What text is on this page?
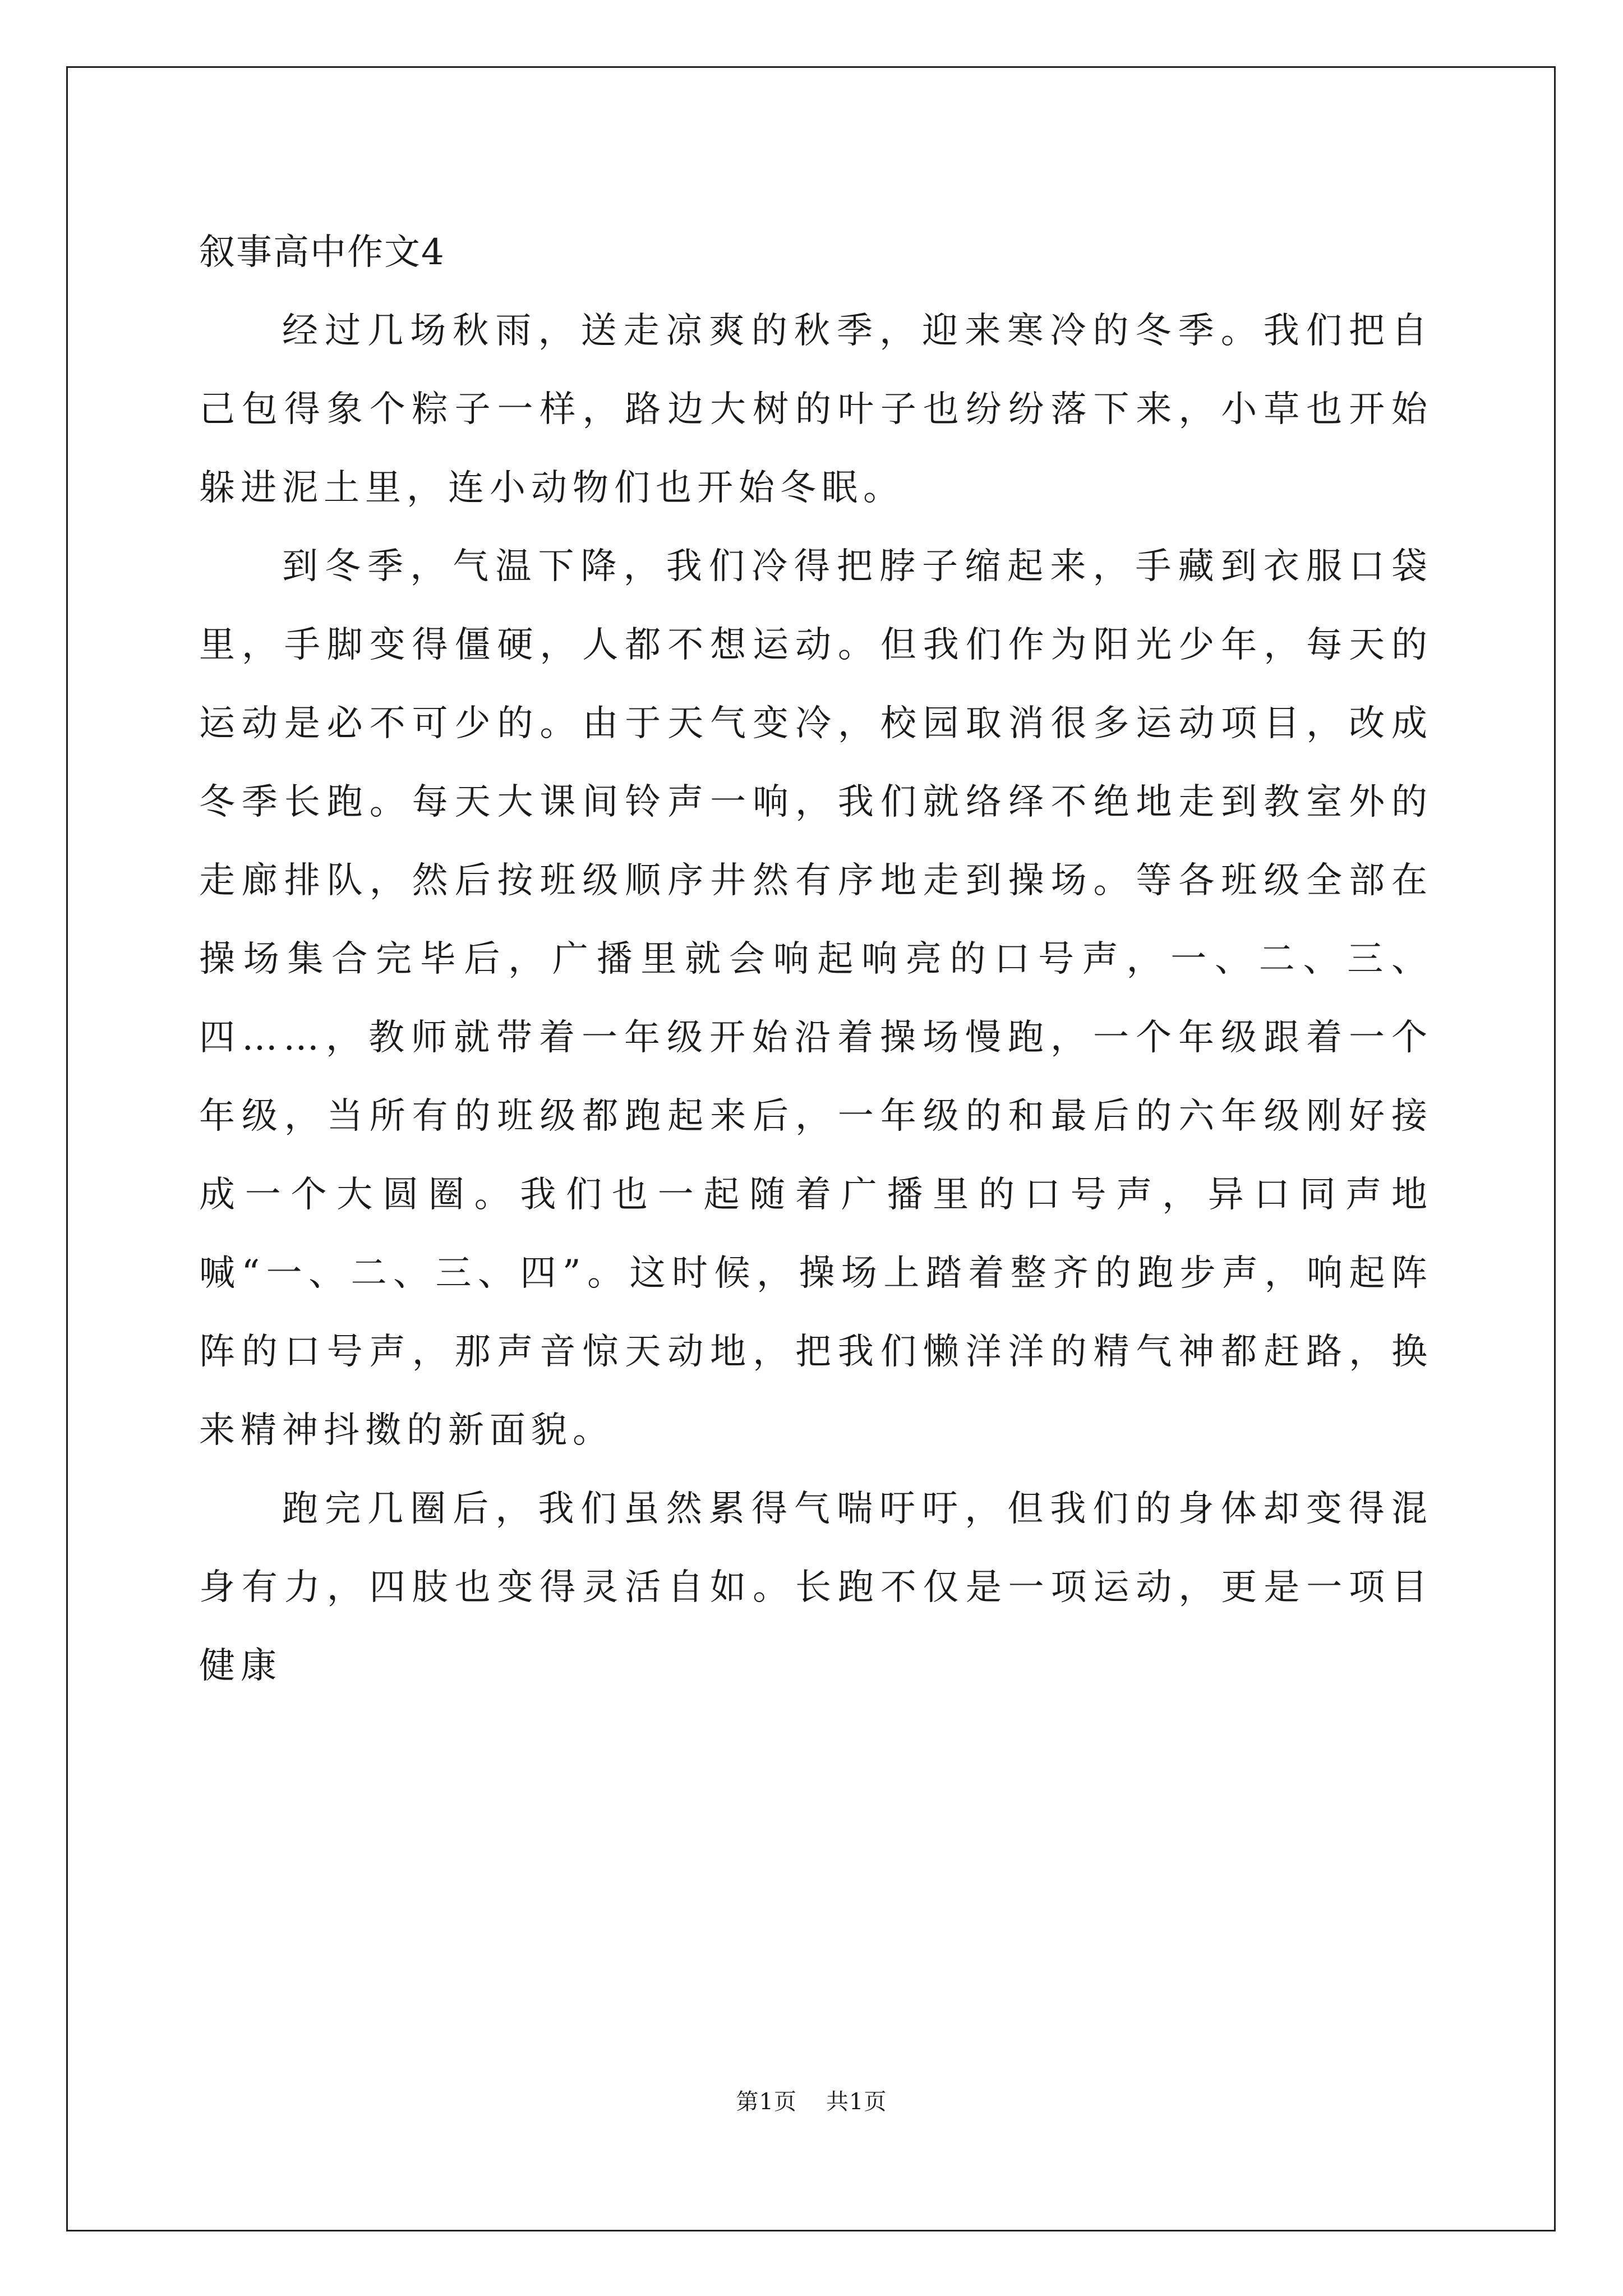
叙事高中作文4

经过几场秋雨，送走凉爽的秋季，迎来寒冷的冬季。我们把自己包得象个粽子一样，路边大树的叶子也纷纷落下来，小草也开始躲进泥土里，连小动物们也开始冬眠。

到冬季，气温下降，我们冷得把脖子缩起来，手藏到衣服口袋里，手脚变得僵硬，人都不想运动。但我们作为阳光少年，每天的运动是必不可少的。由于天气变冷，校园取消很多运动项目，改成冬季长跑。每天大课间铃声一响，我们就络绎不绝地走到教室外的走廊排队，然后按班级顺序井然有序地走到操场。等各班级全部在操场集合完毕后，广播里就会响起响亮的口号声，一、二、三、四……，教师就带着一年级开始沿着操场慢跑，一个年级跟着一个年级，当所有的班级都跑起来后，一年级的和最后的六年级刚好接成一个大圆圈。我们也一起随着广播里的口号声，异口同声地喊“一、二、三、四”。这时候，操场上踏着整齐的跑步声，响起阵阵的口号声，那声音惊天动地，把我们懒洋洋的精气神都赶路，换来精神抖擞的新面貌。

跑完几圈后，我们虽然累得气喘吁吁，但我们的身体却变得混身有力，四肢也变得灵活自如。长跑不仅是一项运动，更是一项目健康

第1页 共1页
